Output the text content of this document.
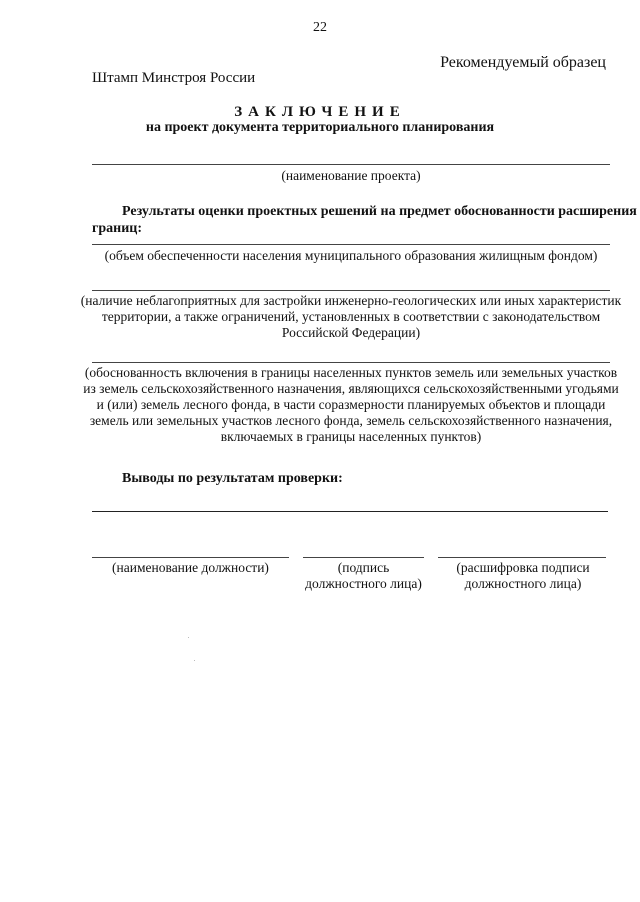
22
Рекомендуемый образец
Штамп Минстроя России
ЗАКЛЮЧЕНИЕ
на проект документа территориального планирования
(наименование проекта)
Результаты оценки проектных решений на предмет обоснованности расширения
границ:
(объем обеспеченности населения муниципального образования жилищным фондом)
(наличие неблагоприятных для застройки инженерно-геологических или иных характеристик
территории, а также ограничений, установленных в соответствии с законодательством
Российской Федерации)
(обоснованность включения в границы населенных пунктов земель или земельных участков
из земель сельскохозяйственного назначения, являющихся сельскохозяйственными угодьями
и (или) земель лесного фонда, в части соразмерности планируемых объектов и площади
земель или земельных участков лесного фонда, земель сельскохозяйственного назначения,
включаемых в границы населенных пунктов)
Выводы по результатам проверки:
(наименование должности)	(подпись
должностного лица)
(расшифровка подписи
должностного лица)
